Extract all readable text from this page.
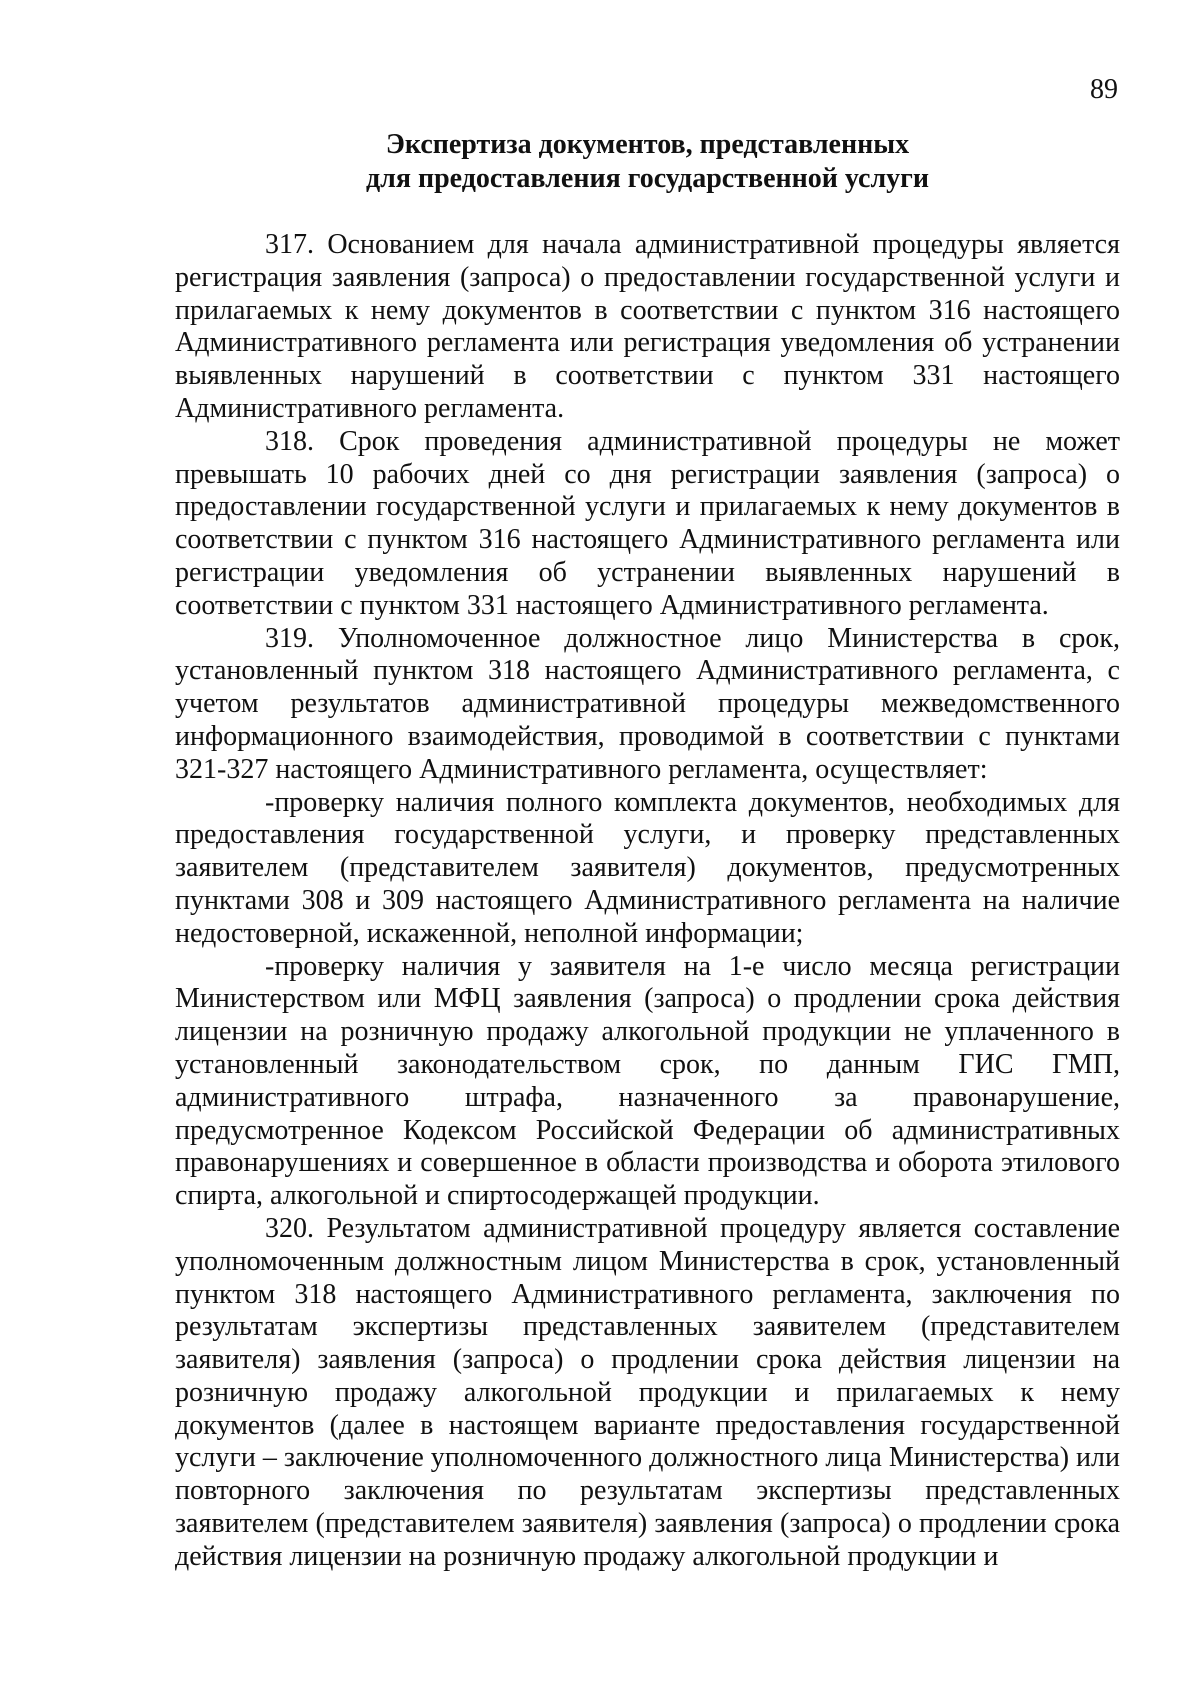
89
Экспертиза документов, представленных
для предоставления государственной услуги

317. Основанием для начала административной процедуры является регистрация заявления (запроса) о предоставлении государственной услуги и прилагаемых к нему документов в соответствии с пунктом 316 настоящего Административного регламента или регистрация уведомления об устранении выявленных нарушений в соответствии с пунктом 331 настоящего Административного регламента.

318. Срок проведения административной процедуры не может превышать 10 рабочих дней со дня регистрации заявления (запроса) о предоставлении государственной услуги и прилагаемых к нему документов в соответствии с пунктом 316 настоящего Административного регламента или регистрации уведомления об устранении выявленных нарушений в соответствии с пунктом 331 настоящего Административного регламента.

319. Уполномоченное должностное лицо Министерства в срок, установленный пунктом 318 настоящего Административного регламента, с учетом результатов административной процедуры межведомственного информационного взаимодействия, проводимой в соответствии с пунктами 321-327 настоящего Административного регламента, осуществляет:

-проверку наличия полного комплекта документов, необходимых для предоставления государственной услуги, и проверку представленных заявителем (представителем заявителя) документов, предусмотренных пунктами 308 и 309 настоящего Административного регламента на наличие недостоверной, искаженной, неполной информации;

-проверку наличия у заявителя на 1-е число месяца регистрации Министерством или МФЦ заявления (запроса) о продлении срока действия лицензии на розничную продажу алкогольной продукции не уплаченного в установленный законодательством срок, по данным ГИС ГМП, административного штрафа, назначенного за правонарушение, предусмотренное Кодексом Российской Федерации об административных правонарушениях и совершенное в области производства и оборота этилового спирта, алкогольной и спиртосодержащей продукции.

320. Результатом административной процедуру является составление уполномоченным должностным лицом Министерства в срок, установленный пунктом 318 настоящего Административного регламента, заключения по результатам экспертизы представленных заявителем (представителем заявителя) заявления (запроса) о продлении срока действия лицензии на розничную продажу алкогольной продукции и прилагаемых к нему документов (далее в настоящем варианте предоставления государственной услуги – заключение уполномоченного должностного лица Министерства) или повторного заключения по результатам экспертизы представленных заявителем (представителем заявителя) заявления (запроса) о продлении срока действия лицензии на розничную продажу алкогольной продукции и
